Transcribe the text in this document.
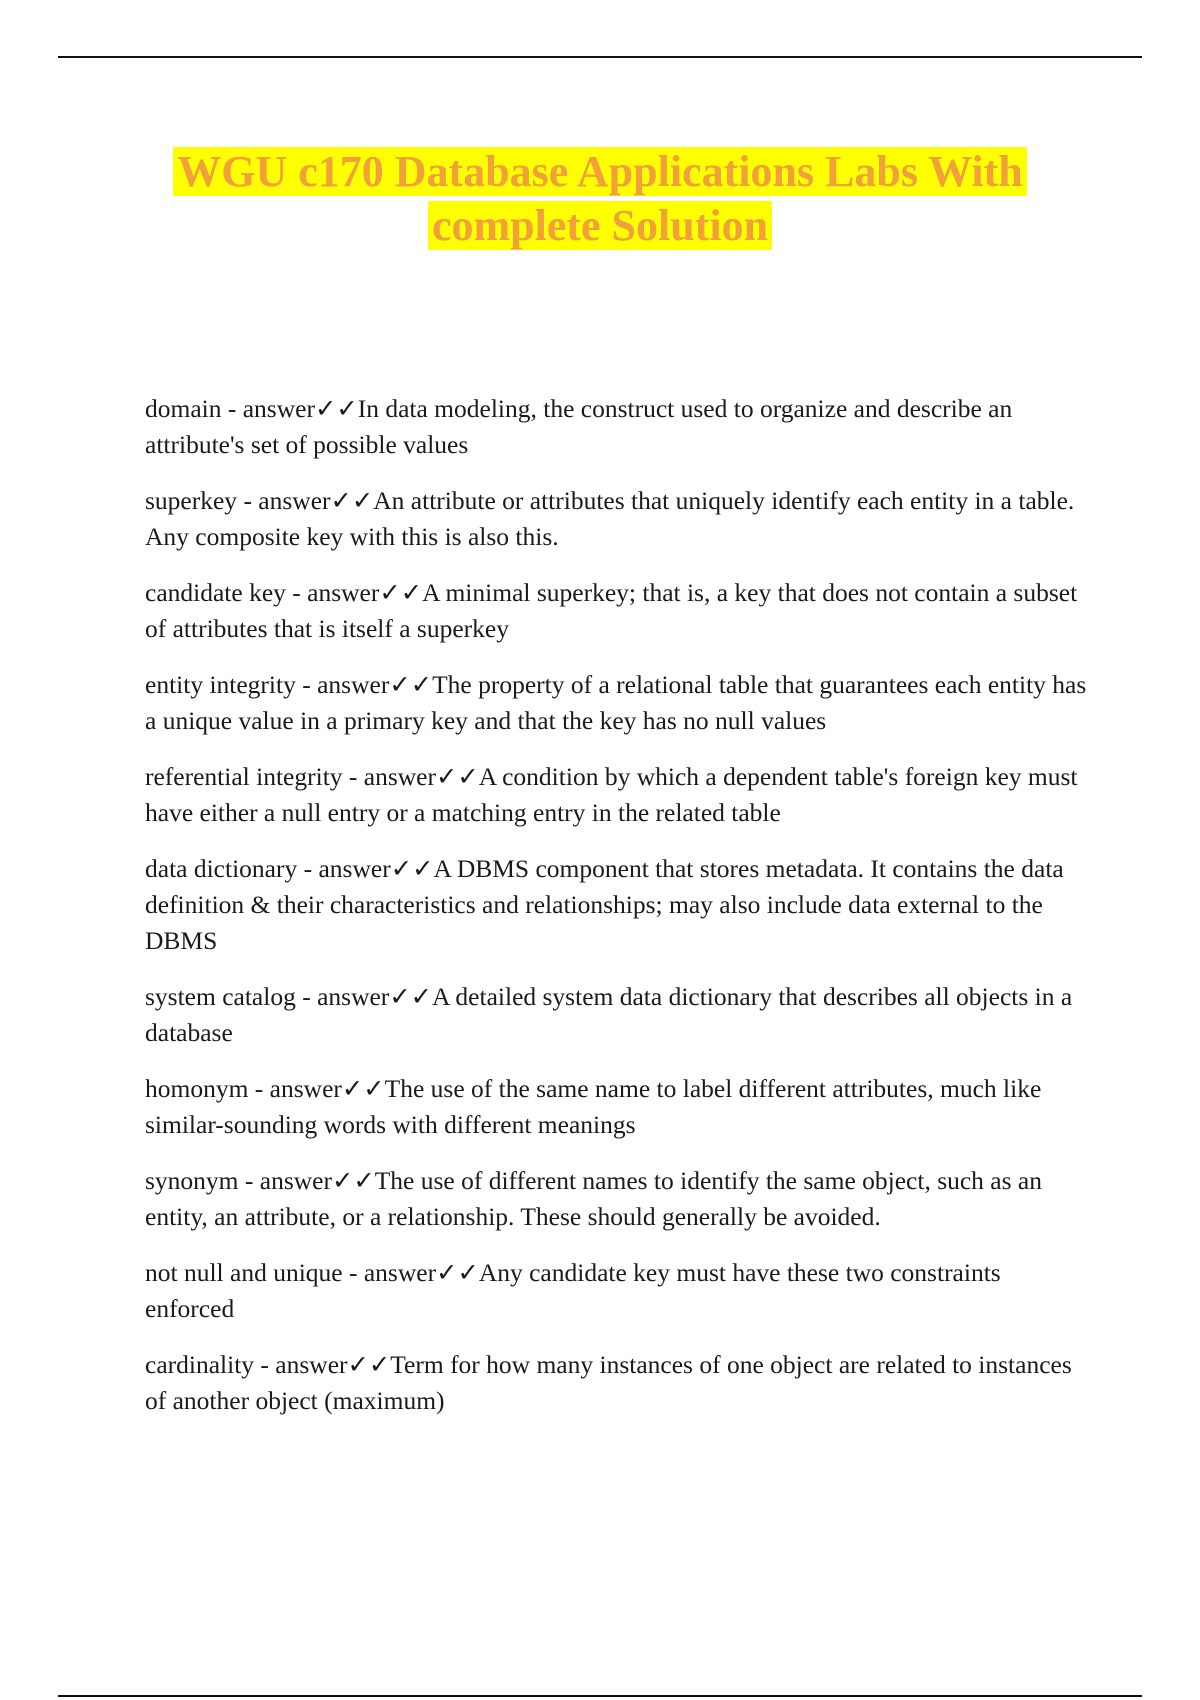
WGU c170 Database Applications Labs With
complete Solution

domain - answer✓✓In data modeling, the construct used to organize and describe an attribute's set of possible values

superkey - answer✓✓An attribute or attributes that uniquely identify each entity in a table. Any composite key with this is also this.

candidate key - answer✓✓A minimal superkey; that is, a key that does not contain a subset of attributes that is itself a superkey

entity integrity - answer✓✓The property of a relational table that guarantees each entity has a unique value in a primary key and that the key has no null values

referential integrity - answer✓✓A condition by which a dependent table's foreign key must have either a null entry or a matching entry in the related table

data dictionary - answer✓✓A DBMS component that stores metadata. It contains the data definition & their characteristics and relationships; may also include data external to the DBMS

system catalog - answer✓✓A detailed system data dictionary that describes all objects in a database

homonym - answer✓✓The use of the same name to label different attributes, much like similar-sounding words with different meanings

synonym - answer✓✓The use of different names to identify the same object, such as an entity, an attribute, or a relationship. These should generally be avoided.

not null and unique - answer✓✓Any candidate key must have these two constraints enforced

cardinality - answer✓✓Term for how many instances of one object are related to instances of another object (maximum)
